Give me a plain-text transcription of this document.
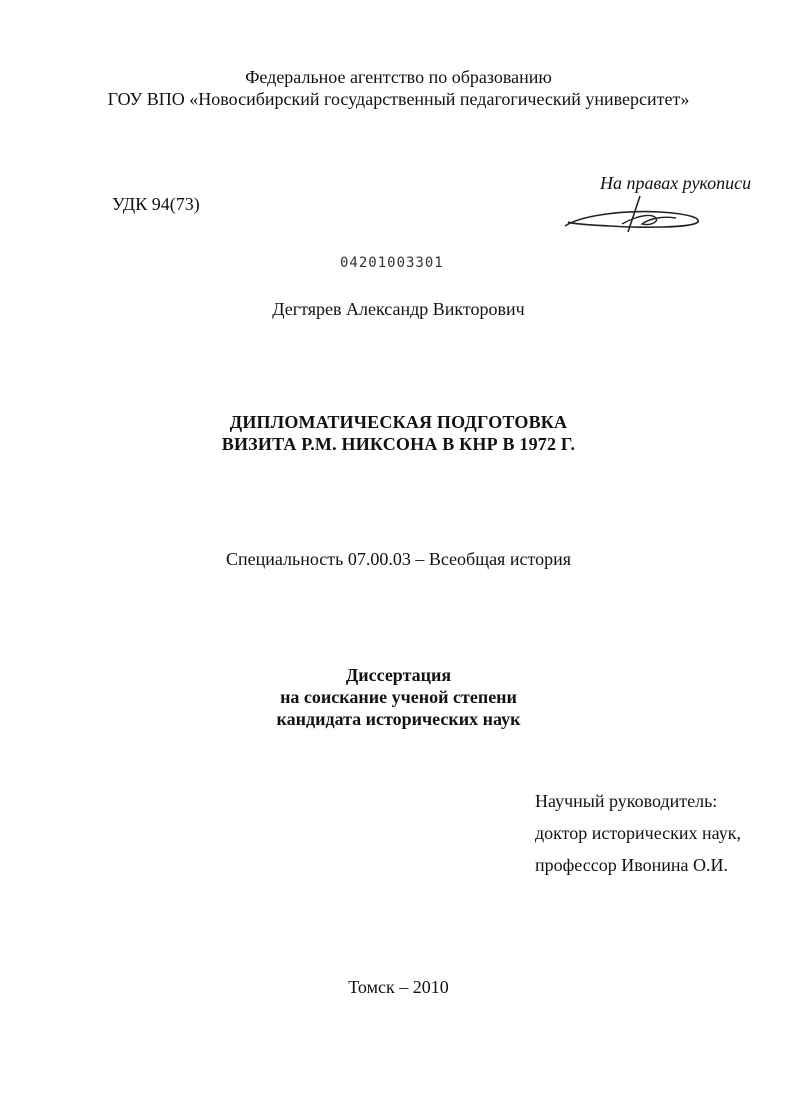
Федеральное агентство по образованию
ГОУ ВПО «Новосибирский государственный педагогический университет»
УДК 94(73)
На правах рукописи
04201003301
Дегтярев Александр Викторович
ДИПЛОМАТИЧЕСКАЯ ПОДГОТОВКА
ВИЗИТА Р.М. НИКСОНА В КНР В 1972 Г.
Специальность 07.00.03 – Всеобщая история
Диссертация
на соискание ученой степени
кандидата исторических наук
Научный руководитель:
доктор исторических наук,
профессор Ивонина О.И.
Томск – 2010
